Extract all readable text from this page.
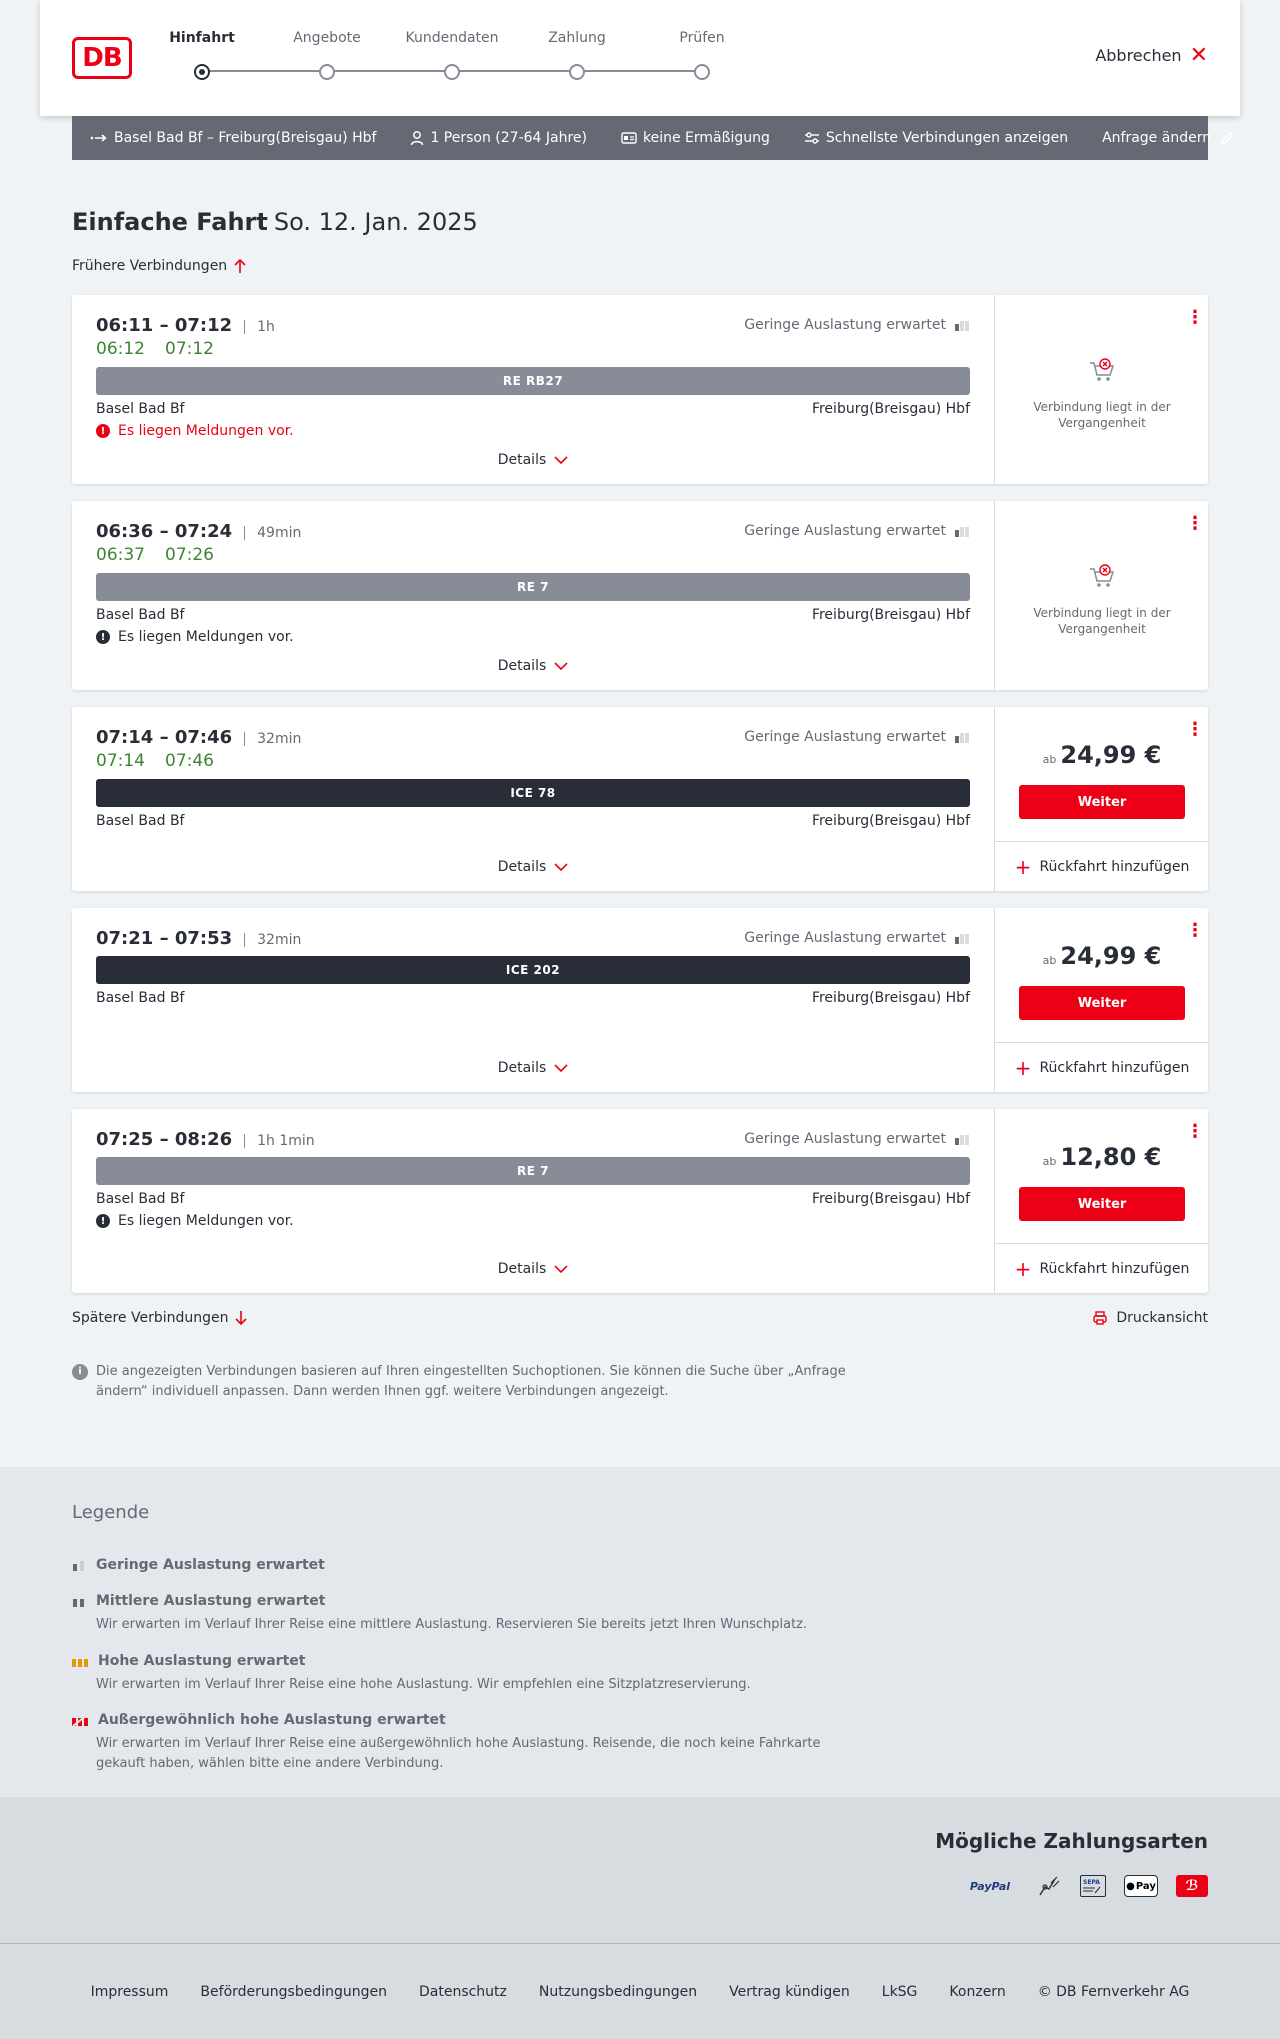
DB
Hinfahrt	Angebote	Kundendaten	Zahlung	Prüfen
Abbrechen ✕
Basel Bad Bf – Freiburg(Breisgau) Hbf	1 Person (27-64 Jahre)	keine Ermäßigung	Schnellste Verbindungen anzeigen Anfrage ändern
Einfache Fahrt So. 12. Jan. 2025
Frühere Verbindungen
06:11 – 07:12	1h
06:12 07:12
Geringe Auslastung erwartet
RE RB27
Basel Bad Bf	Freiburg(Breisgau) Hbf
! Es liegen Meldungen vor.
Details
⋮
Verbindung liegt in der Vergangenheit
06:36 – 07:24	49min
06:37 07:26
Geringe Auslastung erwartet
RE 7
Basel Bad Bf	Freiburg(Breisgau) Hbf
! Es liegen Meldungen vor.
Details
⋮
Verbindung liegt in der Vergangenheit
07:14 – 07:46	32min
07:14 07:46
Geringe Auslastung erwartet
ICE 78
Basel Bad Bf	Freiburg(Breisgau) Hbf
Details
⋮
ab 24,99 €
Weiter
+ Rückfahrt hinzufügen
07:21 – 07:53	32min	Geringe Auslastung erwartet
ICE 202
Basel Bad Bf	Freiburg(Breisgau) Hbf
Details
⋮
ab 24,99 €
Weiter
+ Rückfahrt hinzufügen
07:25 – 08:26	1h 1min	Geringe Auslastung erwartet
RE 7
Basel Bad Bf	Freiburg(Breisgau) Hbf
! Es liegen Meldungen vor.
Details
⋮
ab 12,80 €
Weiter
+ Rückfahrt hinzufügen
Spätere Verbindungen	Druckansicht
i	Die angezeigten Verbindungen basieren auf Ihren eingestellten Suchoptionen. Sie können die Suche über „Anfrage ändern“ individuell anpassen. Dann werden Ihnen ggf. weitere Verbindungen angezeigt.
Legende
Geringe Auslastung erwartet
Mittlere Auslastung erwartet
Wir erwarten im Verlauf Ihrer Reise eine mittlere Auslastung. Reservieren Sie bereits jetzt Ihren Wunschplatz.
Hohe Auslastung erwartet
Wir erwarten im Verlauf Ihrer Reise eine hohe Auslastung. Wir empfehlen eine Sitzplatzreservierung.
Außergewöhnlich hohe Auslastung erwartet
Wir erwarten im Verlauf Ihrer Reise eine außergewöhnlich hohe Auslastung. Reisende, die noch keine Fahrkarte gekauft haben, wählen bitte eine andere Verbindung.
Mögliche Zahlungsarten
PayPal	SEPA	● Pay	ℬ
Impressum Beförderungsbedingungen Datenschutz Nutzungsbedingungen Vertrag kündigen LkSG Konzern © DB Fernverkehr AG
